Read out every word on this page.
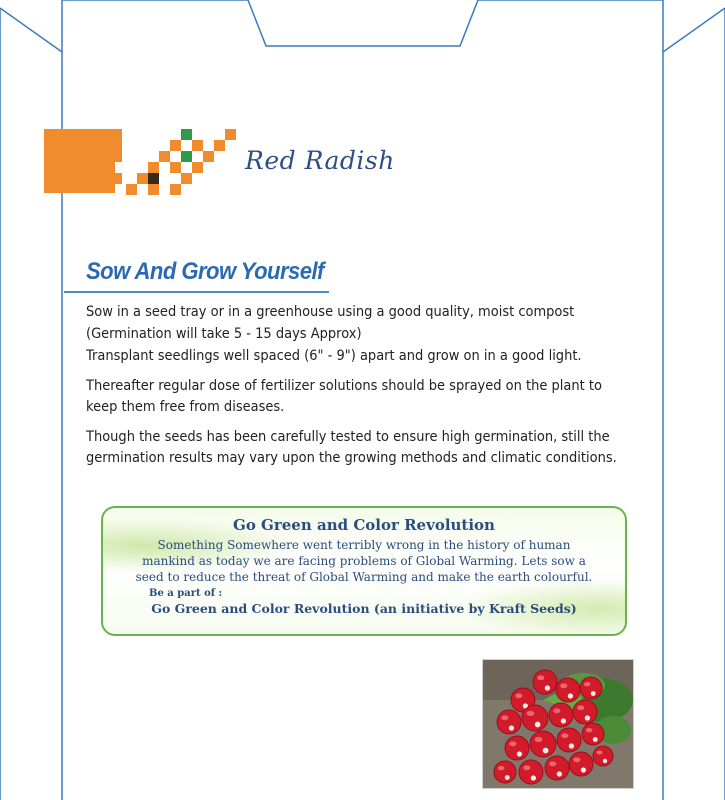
Red Radish
Sow And Grow Yourself
Sow in a seed tray or in a greenhouse using a good quality, moist compost
(Germination will take 5 - 15 days Approx)
Transplant seedlings well spaced (6" - 9") apart and grow on in a good light.
Thereafter regular dose of fertilizer solutions should be sprayed on the plant to
keep them free from diseases.
Though the seeds has been carefully tested to ensure high germination, still the
germination results may vary upon the growing methods and climatic conditions.
Go Green and Color Revolution
Something Somewhere went terribly wrong in the history of human
mankind as today we are facing problems of Global Warming. Lets sow a
seed to reduce the threat of Global Warming and make the earth colourful.
Be a part of :
Go Green and Color Revolution (an initiative by Kraft Seeds)
